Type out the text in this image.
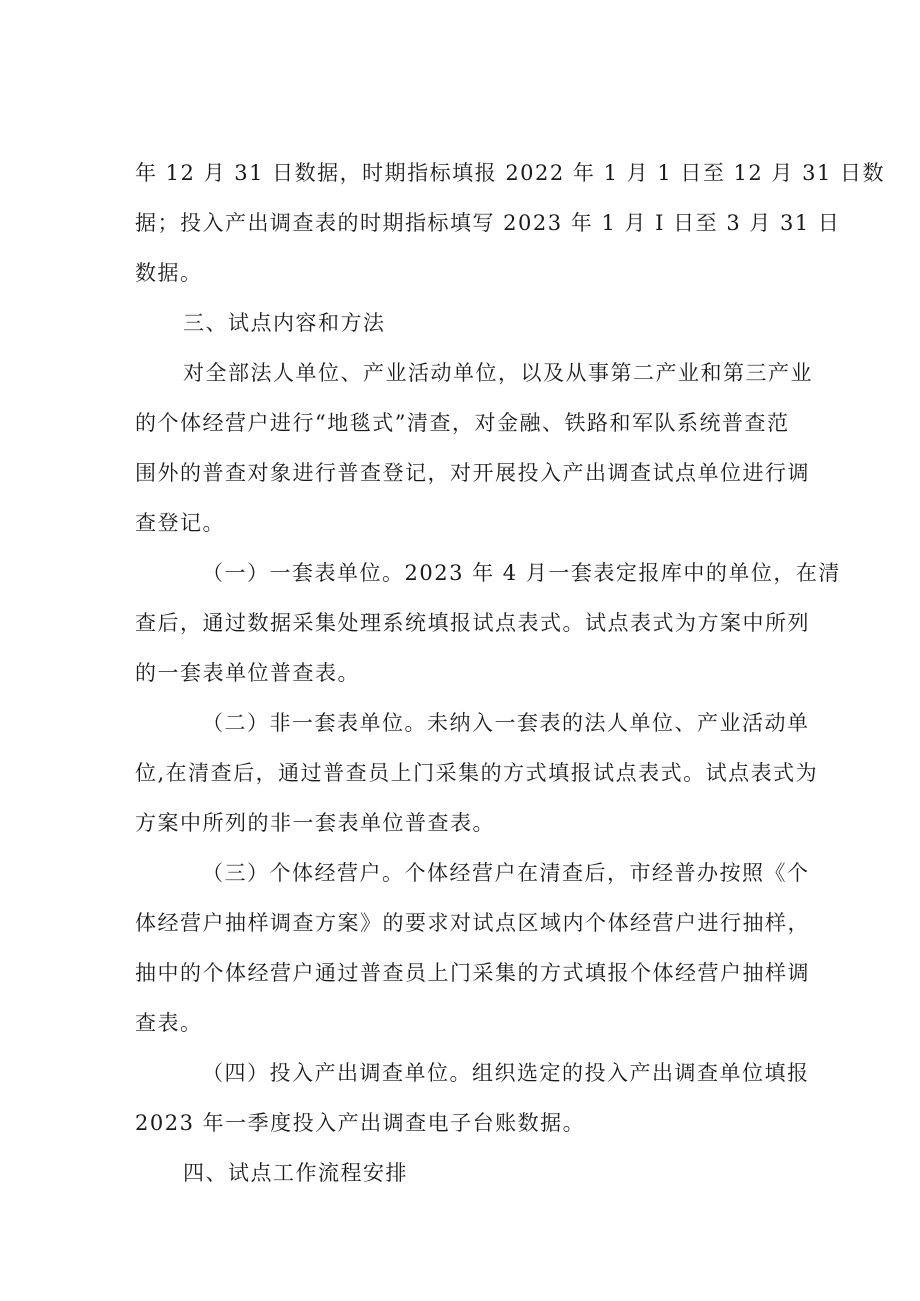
年 12 月 31 日数据，时期指标填报 2022 年 1 月 1 日至 12 月 31 日数
据；投入产出调查表的时期指标填写 2023 年 1 月 I 日至 3 月 31 日
数据。
三、试点内容和方法
对全部法人单位、产业活动单位，以及从事第二产业和第三产业
的个体经营户进行“地毯式”清查，对金融、铁路和军队系统普查范
围外的普查对象进行普查登记，对开展投入产出调查试点单位进行调
查登记。
（一）一套表单位。2023 年 4 月一套表定报库中的单位，在清
查后，通过数据采集处理系统填报试点表式。试点表式为方案中所列
的一套表单位普查表。
（二）非一套表单位。未纳入一套表的法人单位、产业活动单
位,在清查后，通过普查员上门采集的方式填报试点表式。试点表式为
方案中所列的非一套表单位普查表。
（三）个体经营户。个体经营户在清查后，市经普办按照《个
体经营户抽样调查方案》的要求对试点区域内个体经营户进行抽样，
抽中的个体经营户通过普查员上门采集的方式填报个体经营户抽样调
查表。
（四）投入产出调查单位。组织选定的投入产出调查单位填报
2023 年一季度投入产出调查电子台账数据。
四、试点工作流程安排
